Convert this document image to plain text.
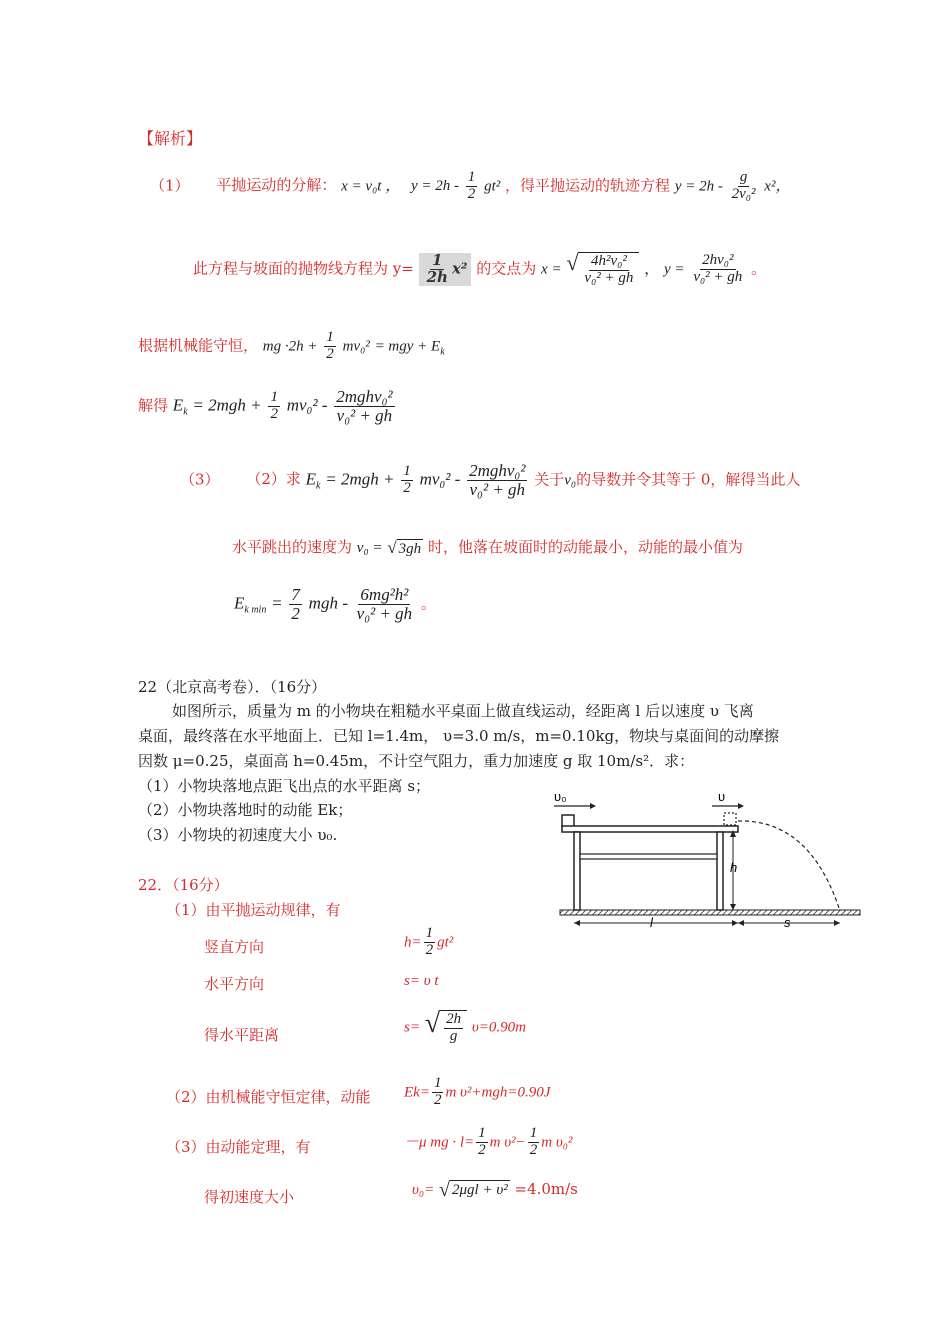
【解析】
（1） 平抛运动的分解： x = v₀t ， $y = 2h - \frac{1}{2} gt^2$ ，得平抛运动的轨迹方程 $y = 2h - \frac{g}{\text{2v₀²}} x^2$，
此方程与坡面的抛物线方程为 $y= \frac{1}{2h} x^2$ 的交点为 x = √ $\frac{\text{4h²v₀²}}{\text{v₀² + gh}}$ ， $y = \frac{\text{2hv₀²}}{\text{v₀² + gh}}$ 。
根据机械能守恒， mg $\cdot 2h + \frac{1}{2} mv_0^2$ = mgy + $E_k$
解得 $E_k = 2mgh + \frac{1}{2} mv_0^2 - \frac{\text{2mghv₀²}}{\text{v₀² + gh}}$
（3） （2）求 $E_k = 2mgh + \frac{1}{2} mv_0^2 - \frac{\text{2mghv₀²}}{\text{v₀² + gh}}$ 关于v₀的导数并令其等于 0，解得当此人
水平跳出的速度为 v₀ = √ 3gh 时，他落在坡面时的动能最小，动能的最小值为
$E_{k min} = \frac{7}{2}$ mgh - $\frac{\text{6mg²h²}}{\text{v₀² + gh}}$ 。
22（北京高考卷）．（16分）
如图所示，质量为 m 的小物块在粗糙水平桌面上做直线运动，经距离 l 后以速度 υ 飞离
桌面，最终落在水平地面上．已知 l=1.4m， υ=3.0 m/s，m=0.10kg，物块与桌面间的动摩擦
因数 μ=0.25，桌面高 h=0.45m，不计空气阻力，重力加速度 g 取 10m/s²．求：
（1）小物块落地点距飞出点的水平距离 s；
（2）小物块落地时的动能 Ek；
（3）小物块的初速度大小 υ₀.
υ₀	υ
h
l	s
22．（16分）
（1）由平抛运动规律，有
竖直方向	$h= \frac{1}{2} gt^2$
水平方向	s= υ t
得水平距离	s= √ $\frac{2h}{g} \upsilon=0.90m$
（2）由机械能守恒定律，动能 $Ek= \frac{1}{2}$ m υ²+mgh=0.90J
（3）由动能定理，有	－μ mg · $l= \frac{1}{2}$ m $\upsilon^2- \frac{1}{2}$ m υ₀²
得初速度大小	υ₀= √ 2μgl + υ² =4.0m/s
